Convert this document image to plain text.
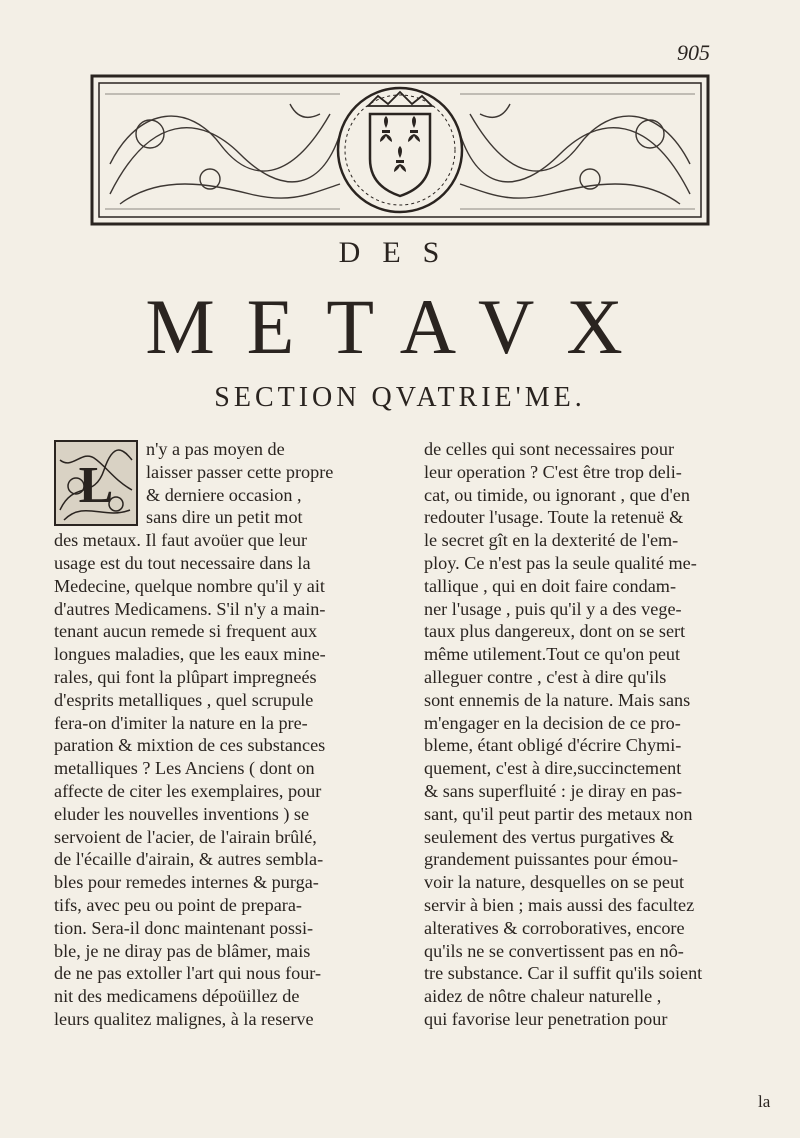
905
DES
METAVX
SECTION QVATRIE'ME.
L
n'y a pas moyen de
laisser passer cette propre
& derniere occasion ,
sans dire un petit mot
des metaux. Il faut avoüer que leur
usage est du tout necessaire dans la
Medecine, quelque nombre qu'il y ait
d'autres Medicamens. S'il n'y a main-
tenant aucun remede si frequent aux
longues maladies, que les eaux mine-
rales, qui font la plûpart impregneés
d'esprits metalliques , quel scrupule
fera-on d'imiter la nature en la pre-
paration & mixtion de ces substances
metalliques ? Les Anciens ( dont on
affecte de citer les exemplaires, pour
eluder les nouvelles inventions ) se
servoient de l'acier, de l'airain brûlé,
de l'écaille d'airain, & autres sembla-
bles pour remedes internes & purga-
tifs, avec peu ou point de prepara-
tion. Sera-il donc maintenant possi-
ble, je ne diray pas de blâmer, mais
de ne pas extoller l'art qui nous four-
nit des medicamens dépoüillez de
leurs qualitez malignes, à la reserve
de celles qui sont necessaires pour
leur operation ? C'est être trop deli-
cat, ou timide, ou ignorant , que d'en
redouter l'usage. Toute la retenuë &
le secret gît en la dexterité de l'em-
ploy. Ce n'est pas la seule qualité me-
tallique , qui en doit faire condam-
ner l'usage , puis qu'il y a des vege-
taux plus dangereux, dont on se sert
même utilement.Tout ce qu'on peut
alleguer contre , c'est à dire qu'ils
sont ennemis de la nature. Mais sans
m'engager en la decision de ce pro-
bleme, étant obligé d'écrire Chymi-
quement, c'est à dire,succinctement
& sans superfluité : je diray en pas-
sant, qu'il peut partir des metaux non
seulement des vertus purgatives &
grandement puissantes pour émou-
voir la nature, desquelles on se peut
servir à bien ; mais aussi des facultez
alteratives & corroboratives, encore
qu'ils ne se convertissent pas en nô-
tre substance. Car il suffit qu'ils soient
aidez de nôtre chaleur naturelle ,
qui favorise leur penetration pour
la
